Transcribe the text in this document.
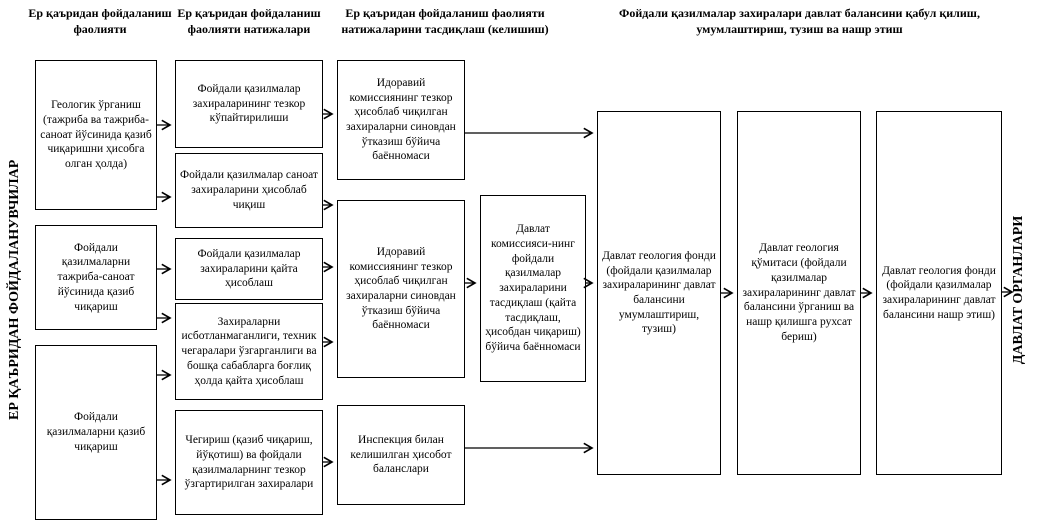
Ер қаъридан фойдаланиш фаолияти
Ер қаъридан фойдаланиш фаолияти натижалари
Ер қаъридан фойдаланиш фаолияти натижаларини тасдиқлаш (келишиш)
Фойдали қазилмалар захиралари давлат балансини қабул қилиш, умумлаштириш, тузиш ва нашр этиш
ЕР ҚАЪРИДАН ФОЙДАЛАНУВЧИЛАР	ДАВЛАТ ОРГАНЛАРИ
Геологик ўрганиш (тажриба ва тажриба-саноат йўсинида қазиб чиқаришни ҳисобга олган ҳолда)
Фойдали қазилмаларни тажриба-саноат йўсинида қазиб чиқариш
Фойдали қазилмаларни қазиб чиқариш
Фойдали қазилмалар захираларининг тезкор кўпайтирилиши
Фойдали қазилмалар саноат захираларини ҳисоблаб чиқиш
Фойдали қазилмалар захираларини қайта ҳисоблаш
Захираларни исботланмаганлиги, техник чегаралари ўзгарганлиги ва бошқа сабабларга боғлиқ ҳолда қайта ҳисоблаш
Чегириш (қазиб чиқариш, йўқотиш) ва фойдали қазилмаларнинг тезкор ўзгартирилган захиралари
Идоравий комиссиянинг тезкор ҳисоблаб чиқилган захираларни синовдан ўтказиш бўйича баённомаси
Идоравий комиссиянинг тезкор ҳисоблаб чиқилган захираларни синовдан ўтказиш бўйича баённомаси
Инспекция билан келишилган ҳисобот баланслари
Давлат комиссияси-нинг фойдали қазилмалар захираларини тасдиқлаш (қайта тасдиқлаш, ҳисобдан чиқариш) бўйича баённомаси
Давлат геология фонди (фойдали қазилмалар захираларининг давлат балансини умумлаштириш, тузиш)
Давлат геология қўмитаси (фойдали қазилмалар захираларининг давлат балансини ўрганиш ва нашр қилишга рухсат бериш)
Давлат геология фонди (фойдали қазилмалар захираларининг давлат балансини нашр этиш)
